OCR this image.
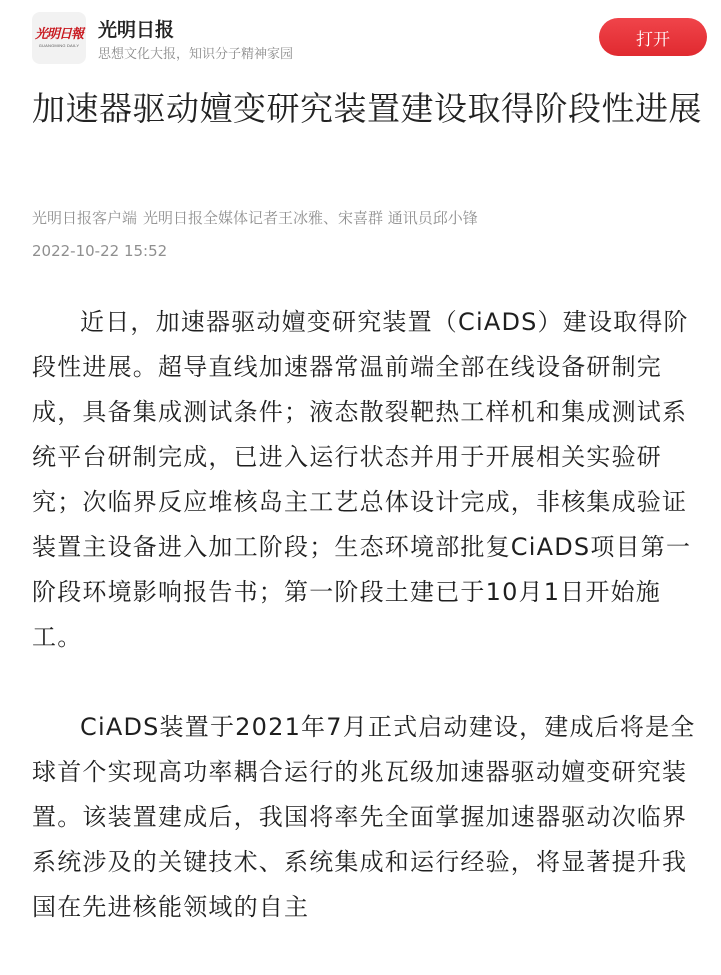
光明日報
GUANGMING DAILY
光明日报
思想文化大报，知识分子精神家园
打开
加速器驱动嬗变研究装置建设取得阶段性进展
光明日报客户端 光明日报全媒体记者王冰雅、宋喜群 通讯员邱小锋
2022-10-22 15:52

近日，加速器驱动嬗变研究装置（CiADS）建设取得阶段性进展。超导直线加速器常温前端全部在线设备研制完成，具备集成测试条件；液态散裂靶热工样机和集成测试系统平台研制完成，已进入运行状态并用于开展相关实验研究；次临界反应堆核岛主工艺总体设计完成，非核集成验证装置主设备进入加工阶段；生态环境部批复CiADS项目第一阶段环境影响报告书；第一阶段土建已于10月1日开始施工。

CiADS装置于2021年7月正式启动建设，建成后将是全球首个实现高功率耦合运行的兆瓦级加速器驱动嬗变研究装置。该装置建成后，我国将率先全面掌握加速器驱动次临界系统涉及的关键技术、系统集成和运行经验，将显著提升我国在先进核能领域的自主
